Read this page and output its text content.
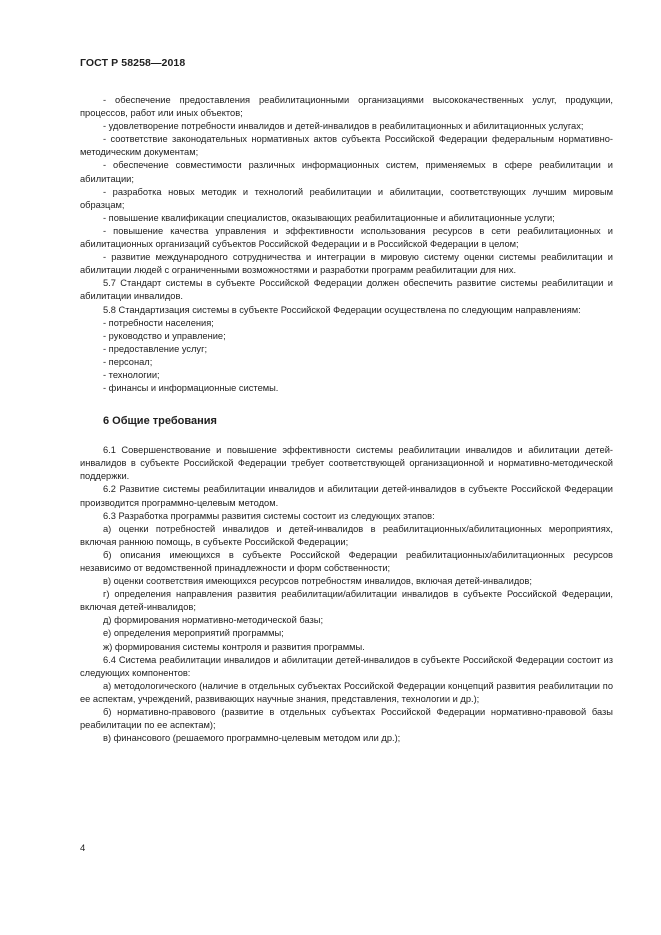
ГОСТ Р 58258—2018

- обеспечение предоставления реабилитационными организациями высококачественных услуг, продукции, процессов, работ или иных объектов;

- удовлетворение потребности инвалидов и детей-инвалидов в реабилитационных и абилитационных услугах;

- соответствие законодательных нормативных актов субъекта Российской Федерации федеральным нормативно-методическим документам;

- обеспечение совместимости различных информационных систем, применяемых в сфере реабилитации и абилитации;

- разработка новых методик и технологий реабилитации и абилитации, соответствующих лучшим мировым образцам;

- повышение квалификации специалистов, оказывающих реабилитационные и абилитационные услуги;

- повышение качества управления и эффективности использования ресурсов в сети реабилитационных и абилитационных организаций субъектов Российской Федерации и в Российской Федерации в целом;

- развитие международного сотрудничества и интеграции в мировую систему оценки системы реабилитации и абилитации людей с ограниченными возможностями и разработки программ реабилитации для них.

5.7 Стандарт системы в субъекте Российской Федерации должен обеспечить развитие системы реабилитации и абилитации инвалидов.

5.8 Стандартизация системы в субъекте Российской Федерации осуществлена по следующим направлениям:

- потребности населения;

- руководство и управление;

- предоставление услуг;

- персонал;

- технологии;

- финансы и информационные системы.

6 Общие требования

6.1 Совершенствование и повышение эффективности системы реабилитации инвалидов и абилитации детей-инвалидов в субъекте Российской Федерации требует соответствующей организационной и нормативно-методической поддержки.

6.2 Развитие системы реабилитации инвалидов и абилитации детей-инвалидов в субъекте Российской Федерации производится программно-целевым методом.

6.3 Разработка программы развития системы состоит из следующих этапов:

а) оценки потребностей инвалидов и детей-инвалидов в реабилитационных/абилитационных мероприятиях, включая раннюю помощь, в субъекте Российской Федерации;

б) описания имеющихся в субъекте Российской Федерации реабилитационных/абилитационных ресурсов независимо от ведомственной принадлежности и форм собственности;

в) оценки соответствия имеющихся ресурсов потребностям инвалидов, включая детей-инвалидов;

г) определения направления развития реабилитации/абилитации инвалидов в субъекте Российской Федерации, включая детей-инвалидов;

д) формирования нормативно-методической базы;

е) определения мероприятий программы;

ж) формирования системы контроля и развития программы.

6.4 Система реабилитации инвалидов и абилитации детей-инвалидов в субъекте Российской Федерации состоит из следующих компонентов:

а) методологического (наличие в отдельных субъектах Российской Федерации концепций развития реабилитации по ее аспектам, учреждений, развивающих научные знания, представления, технологии и др.);

б) нормативно-правового (развитие в отдельных субъектах Российской Федерации нормативно-правовой базы реабилитации по ее аспектам);

в) финансового (решаемого программно-целевым методом или др.);

4
